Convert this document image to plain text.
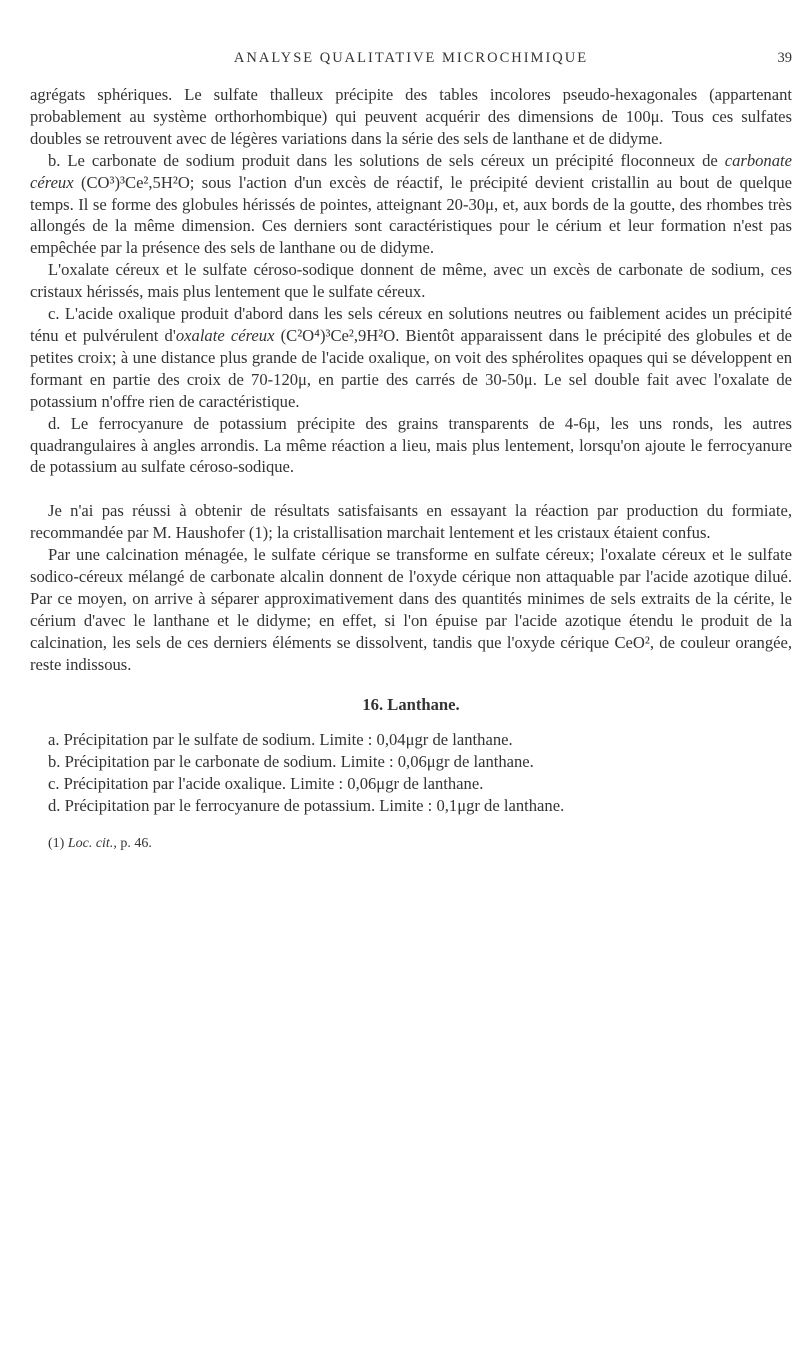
ANALYSE QUALITATIVE MICROCHIMIQUE	39

agrégats sphériques. Le sulfate thalleux précipite des tables incolores pseudo-hexagonales (appartenant probablement au système orthorhombique) qui peuvent acquérir des dimensions de 100μ. Tous ces sulfates doubles se retrouvent avec de légères variations dans la série des sels de lanthane et de didyme.

b. Le carbonate de sodium produit dans les solutions de sels céreux un précipité floconneux de carbonate céreux (CO³)³Ce²,5H²O; sous l'action d'un excès de réactif, le précipité devient cristallin au bout de quelque temps. Il se forme des globules hérissés de pointes, atteignant 20-30μ, et, aux bords de la goutte, des rhombes très allongés de la même dimension. Ces derniers sont caractéristiques pour le cérium et leur formation n'est pas empêchée par la présence des sels de lanthane ou de didyme.

L'oxalate céreux et le sulfate céroso-sodique donnent de même, avec un excès de carbonate de sodium, ces cristaux hérissés, mais plus lentement que le sulfate céreux.

c. L'acide oxalique produit d'abord dans les sels céreux en solutions neutres ou faiblement acides un précipité ténu et pulvérulent d'oxalate céreux (C²O⁴)³Ce²,9H²O. Bientôt apparaissent dans le précipité des globules et de petites croix; à une distance plus grande de l'acide oxalique, on voit des sphérolites opaques qui se développent en formant en partie des croix de 70-120μ, en partie des carrés de 30-50μ. Le sel double fait avec l'oxalate de potassium n'offre rien de caractéristique.

d. Le ferrocyanure de potassium précipite des grains transparents de 4-6μ, les uns ronds, les autres quadrangulaires à angles arrondis. La même réaction a lieu, mais plus lentement, lorsqu'on ajoute le ferrocyanure de potassium au sulfate céroso-sodique.

Je n'ai pas réussi à obtenir de résultats satisfaisants en essayant la réaction par production du formiate, recommandée par M. Haushofer (1); la cristallisation marchait lentement et les cristaux étaient confus.

Par une calcination ménagée, le sulfate cérique se transforme en sulfate céreux; l'oxalate céreux et le sulfate sodico-céreux mélangé de carbonate alcalin donnent de l'oxyde cérique non attaquable par l'acide azotique dilué. Par ce moyen, on arrive à séparer approximativement dans des quantités minimes de sels extraits de la cérite, le cérium d'avec le lanthane et le didyme; en effet, si l'on épuise par l'acide azotique étendu le produit de la calcination, les sels de ces derniers éléments se dissolvent, tandis que l'oxyde cérique CeO², de couleur orangée, reste indissous.

16. Lanthane.

a. Précipitation par le sulfate de sodium. Limite : 0,04μgr de lanthane.

b. Précipitation par le carbonate de sodium. Limite : 0,06μgr de lanthane.

c. Précipitation par l'acide oxalique. Limite : 0,06μgr de lanthane.

d. Précipitation par le ferrocyanure de potassium. Limite : 0,1μgr de lanthane.

(1) Loc. cit., p. 46.
